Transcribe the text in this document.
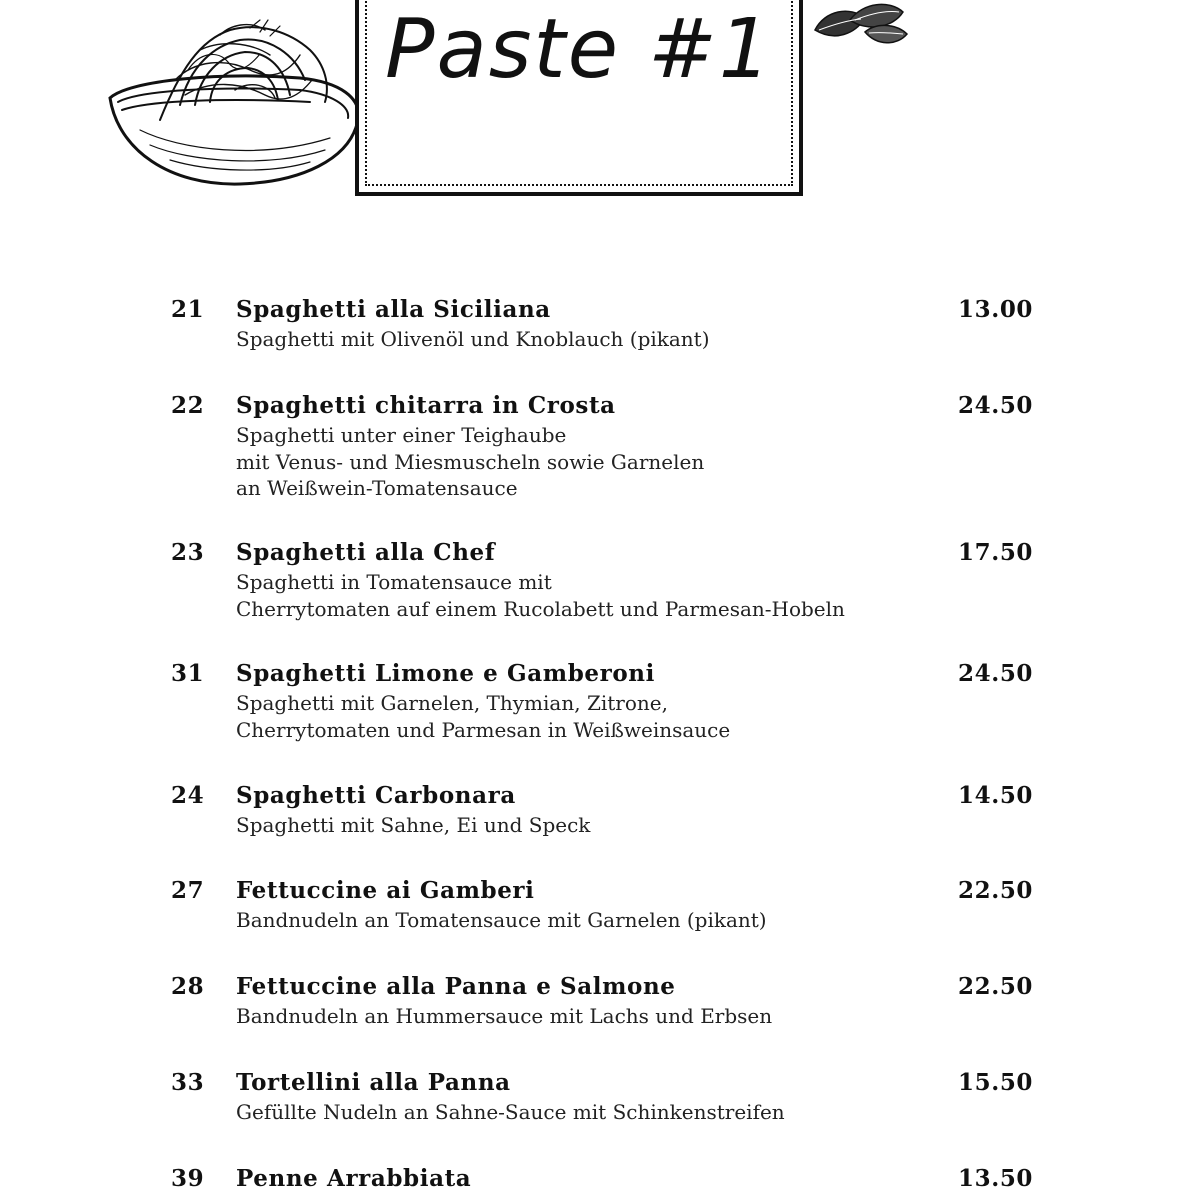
Paste #1
21 Spaghetti alla Siciliana	13.00
Spaghetti mit Olivenöl und Knoblauch (pikant)
22 Spaghetti chitarra in Crosta	24.50
Spaghetti unter einer Teighaube
mit Venus- und Miesmuscheln sowie Garnelen
an Weißwein-Tomatensauce
23 Spaghetti alla Chef	17.50
Spaghetti in Tomatensauce mit
Cherrytomaten auf einem Rucolabett und Parmesan-Hobeln
31 Spaghetti Limone e Gamberoni	24.50
Spaghetti mit Garnelen, Thymian, Zitrone,
Cherrytomaten und Parmesan in Weißweinsauce
24 Spaghetti Carbonara	14.50
Spaghetti mit Sahne, Ei und Speck
27 Fettuccine ai Gamberi	22.50
Bandnudeln an Tomatensauce mit Garnelen (pikant)
28 Fettuccine alla Panna e Salmone	22.50
Bandnudeln an Hummersauce mit Lachs und Erbsen
33 Tortellini alla Panna	15.50
Gefüllte Nudeln an Sahne-Sauce mit Schinkenstreifen
39 Penne Arrabbiata	13.50
